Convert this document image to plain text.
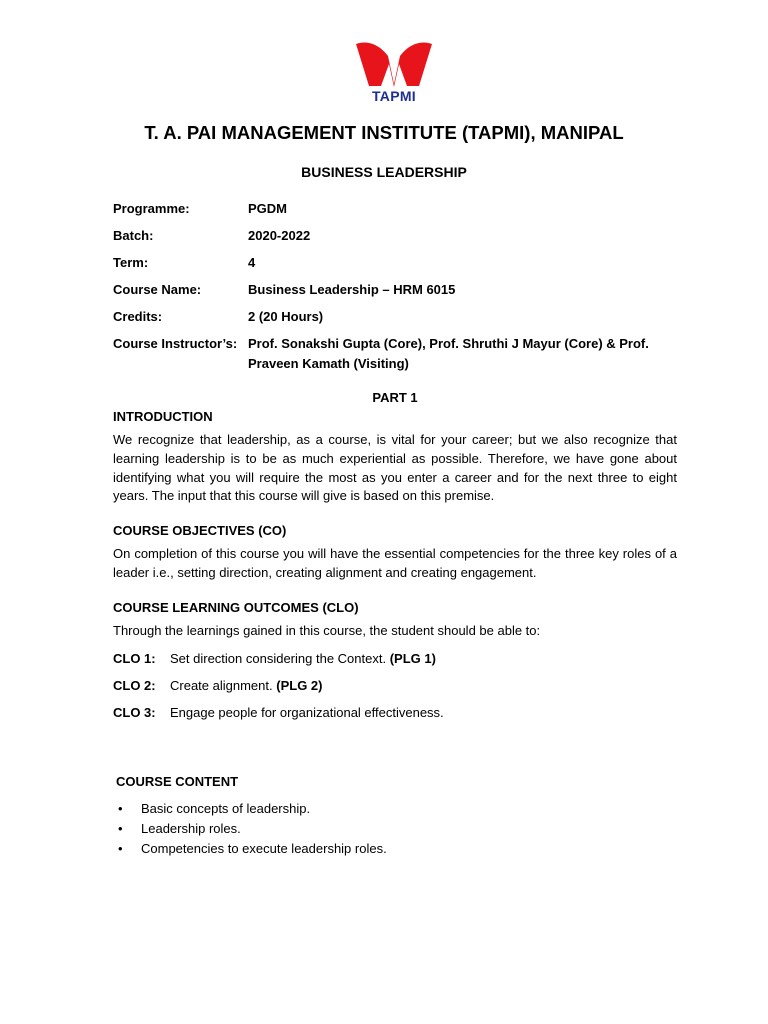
TAPMI
T. A. PAI MANAGEMENT INSTITUTE (TAPMI), MANIPAL
BUSINESS LEADERSHIP
Programme:	PGDM
Batch:	2020-2022
Term:	4
Course Name:	Business Leadership – HRM 6015
Credits:	2 (20 Hours)
Course Instructor’s: Prof. Sonakshi Gupta (Core), Prof. Shruthi J Mayur (Core) & Prof. Praveen Kamath (Visiting)
PART 1
INTRODUCTION

We recognize that leadership, as a course, is vital for your career; but we also recognize that learning leadership is to be as much experiential as possible. Therefore, we have gone about identifying what you will require the most as you enter a career and for the next three to eight years. The input that this course will give is based on this premise.

COURSE OBJECTIVES (CO)

On completion of this course you will have the essential competencies for the three key roles of a leader i.e., setting direction, creating alignment and creating engagement.

COURSE LEARNING OUTCOMES (CLO)

Through the learnings gained in this course, the student should be able to:

CLO 1:	Set direction considering the Context. (PLG 1)
CLO 2:	Create alignment. (PLG 2)
CLO 3:	Engage people for organizational effectiveness.
COURSE CONTENT
• Basic concepts of leadership.
• Leadership roles.
• Competencies to execute leadership roles.
